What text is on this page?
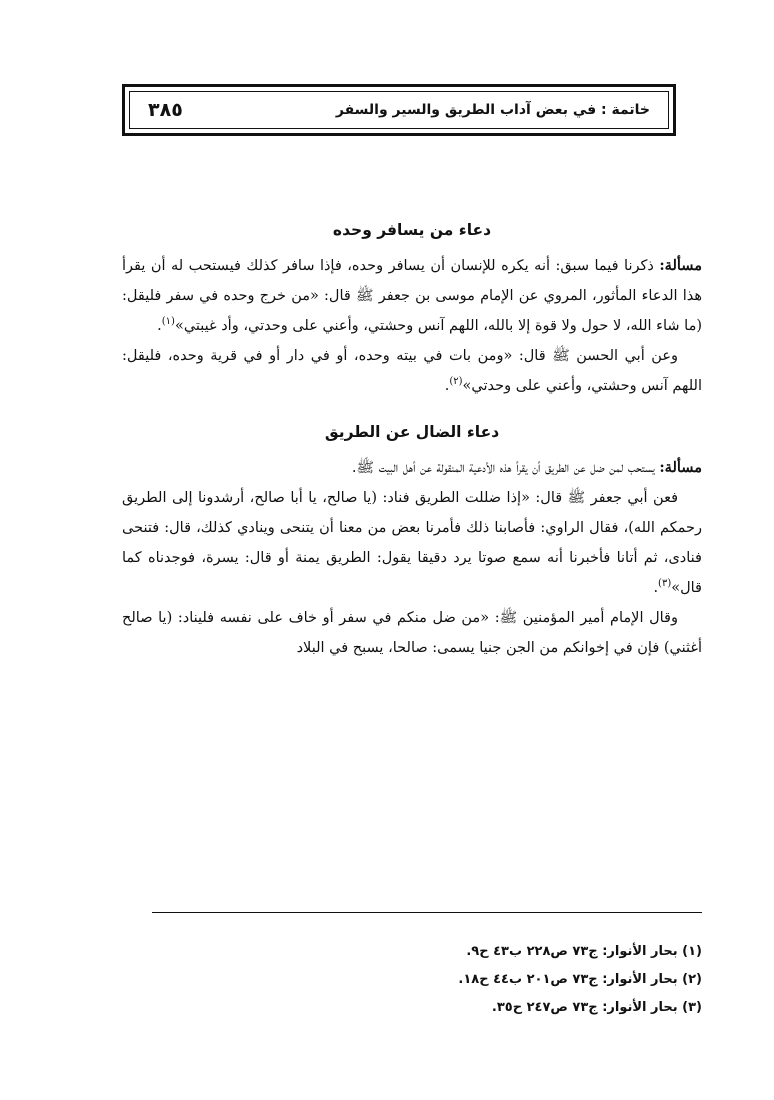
خاتمة : في بعض آداب الطريق والسير والسفر
٣٨٥
دعاء من يسافر وحده

مسألة: ذكرنا فيما سبق: أنه يكره للإنسان أن يسافر وحده، فإذا سافر كذلك فيستحب له أن يقرأ هذا الدعاء المأثور، المروي عن الإمام موسى بن جعفر ﷺ قال: «من خرج وحده في سفر فليقل: (ما شاء الله، لا حول ولا قوة إلا بالله، اللهم آنس وحشتي، وأعني على وحدتي، وأد غيبتي»$^{(١)}$.

وعن أبي الحسن ﷺ قال: «ومن بات في بيته وحده، أو في دار أو في قرية وحده، فليقل: اللهم آنس وحشتي، وأعني على وحدتي»$^{(٢)}$.

دعاء الضال عن الطريق

مسألة: يستحب لمن ضل عن الطريق أن يقرأ هذه الأدعية المنقولة عن أهل البيت ﷺ.

فعن أبي جعفر ﷺ قال: «إذا ضللت الطريق فناد: (يا صالح، يا أبا صالح، أرشدونا إلى الطريق رحمكم الله)، فقال الراوي: فأصابنا ذلك فأمرنا بعض من معنا أن يتنحى وينادي كذلك، قال: فتنحى فنادى، ثم أتانا فأخبرنا أنه سمع صوتا يرد دقيقا يقول: الطريق يمنة أو قال: يسرة، فوجدناه كما قال»$^{(٣)}$.

وقال الإمام أمير المؤمنين ﷺ: «من ضل منكم في سفر أو خاف على نفسه فليناد: (يا صالح أغثني) فإن في إخوانكم من الجن جنيا يسمى: صالحا، يسبح في البلاد

(١) بحار الأنوار: ج٧٣ ص٢٢٨ ب٤٣ ح٩.
(٢) بحار الأنوار: ج٧٣ ص٢٠١ ب٤٤ ح١٨.
(٣) بحار الأنوار: ج٧٣ ص٢٤٧ ح٣٥.
